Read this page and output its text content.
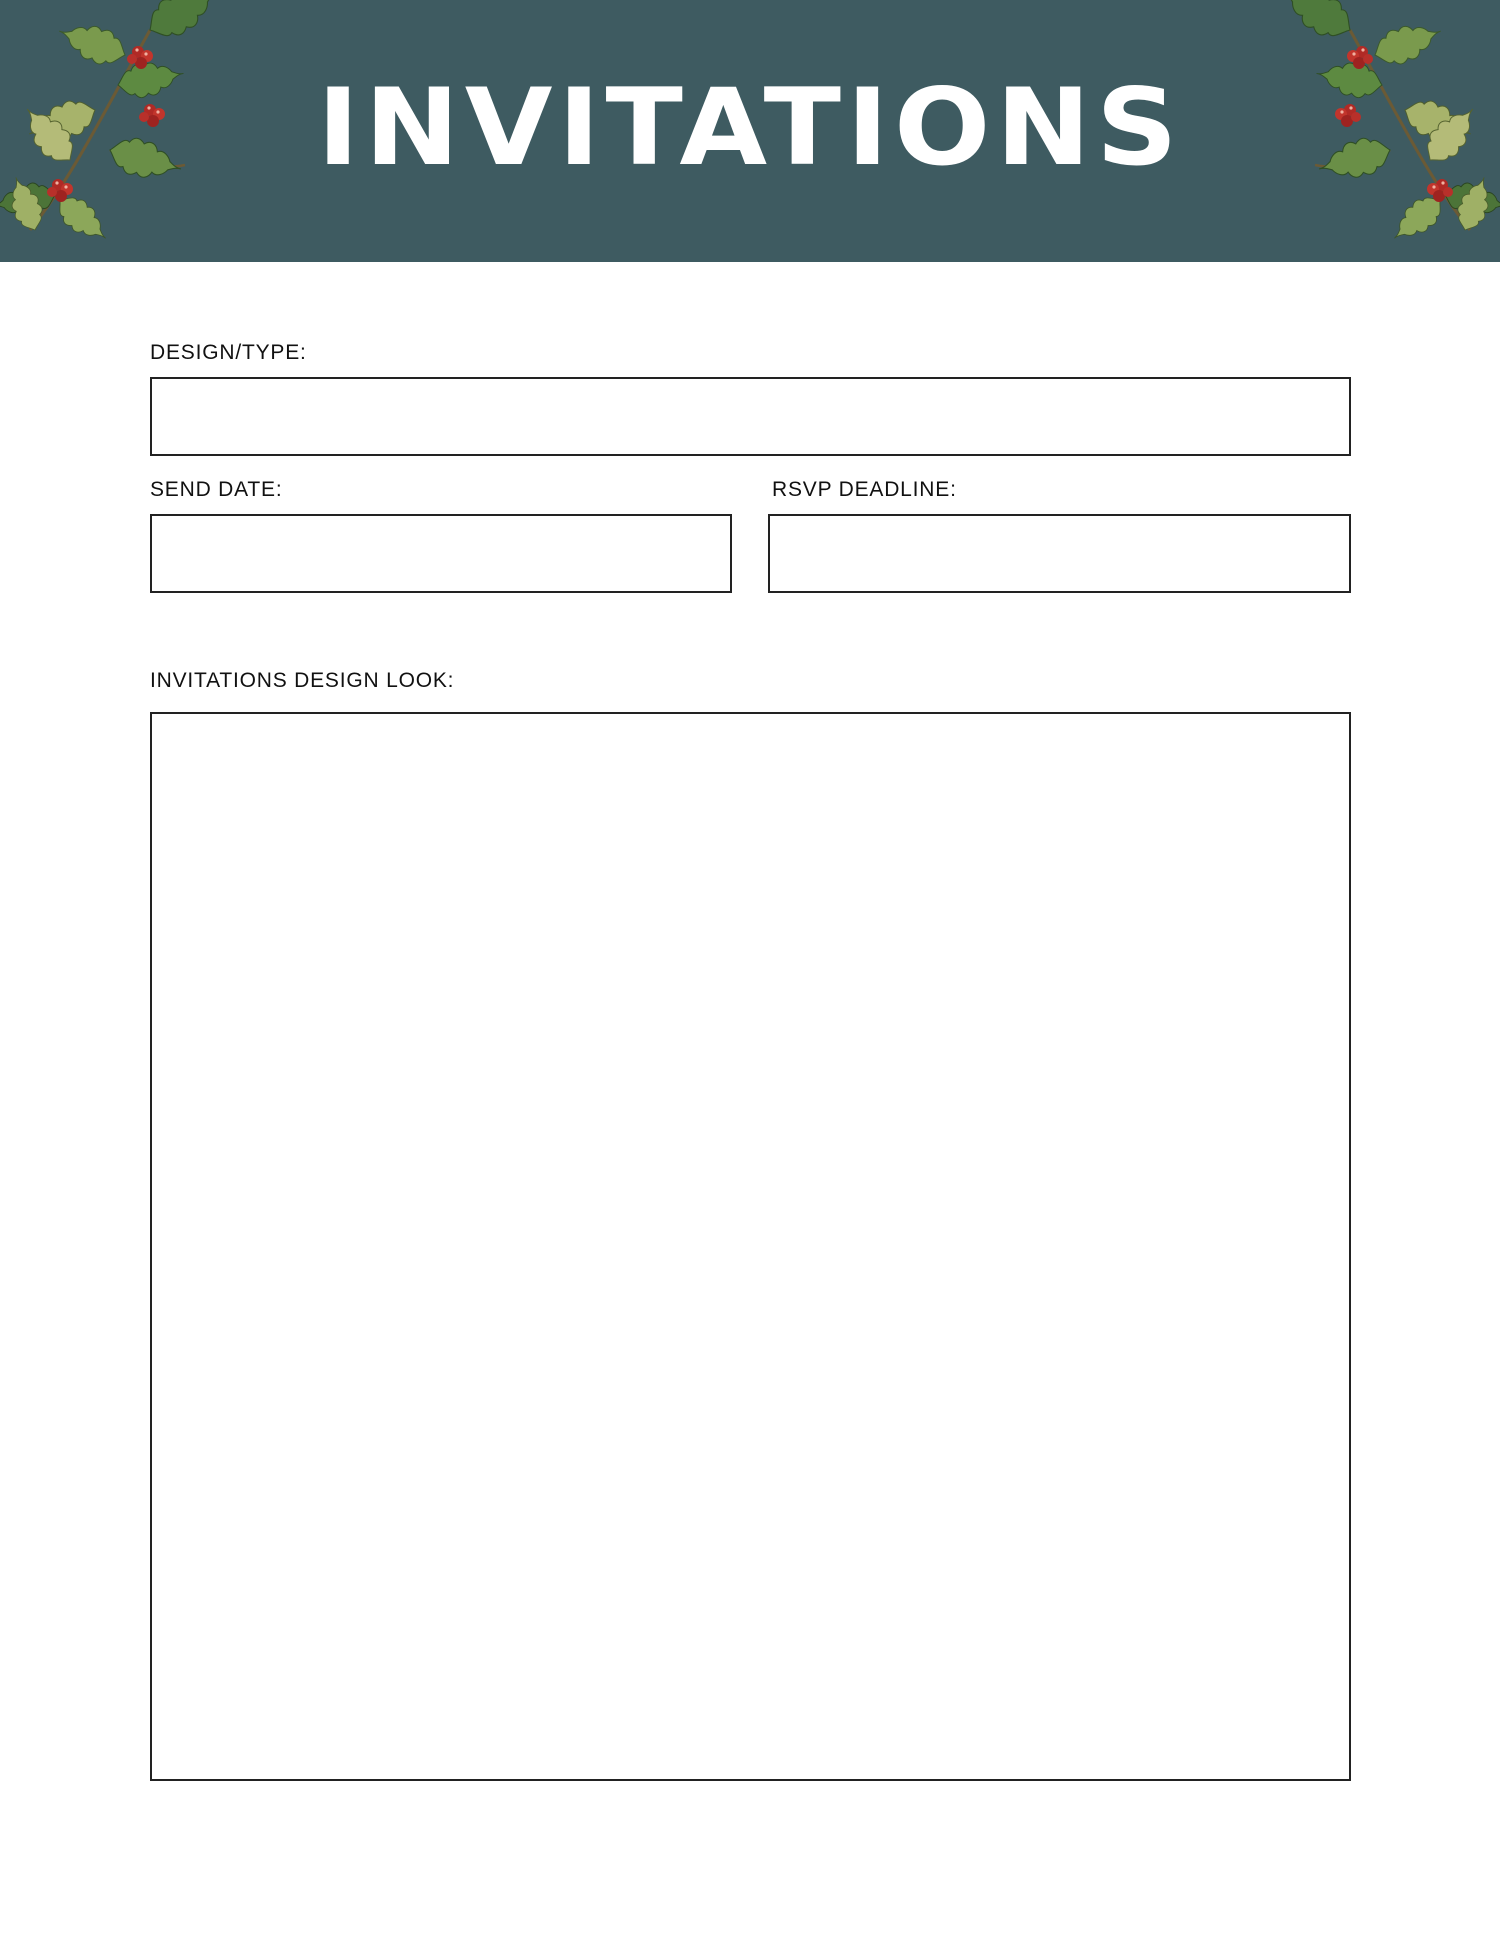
INVITATIONS
DESIGN/TYPE:
SEND DATE:	RSVP DEADLINE:
INVITATIONS DESIGN LOOK:
